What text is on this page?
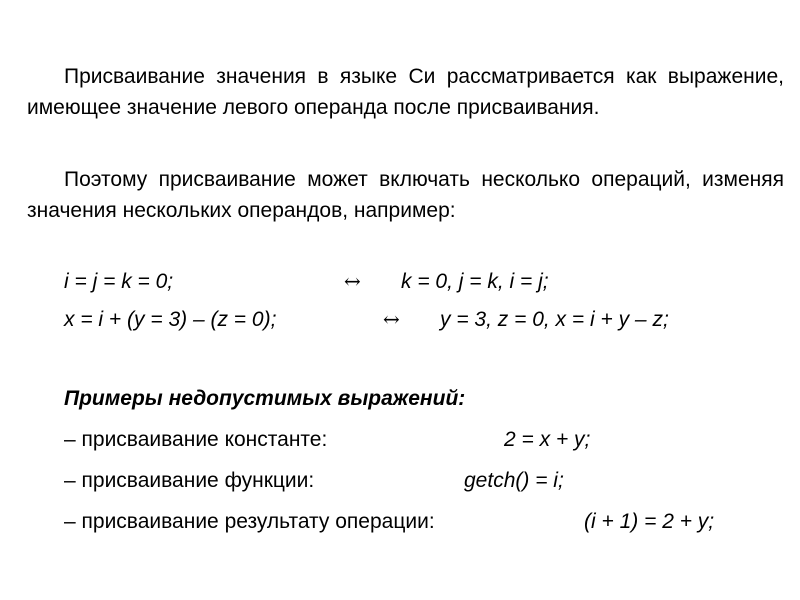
Присваивание значения в языке Си рассматривается как выражение, имеющее значение левого операнда после присваивания.

Поэтому присваивание может включать несколько операций, изменяя значения нескольких операндов, например:

i = j = k = 0;	↔ k = 0, j = k, i = j;
x = i + (y = 3) – (z = 0);	↔ y = 3, z = 0, x = i + y – z;
Примеры недопустимых выражений:
– присваивание константе:	2 = x + y;
– присваивание функции:	getch() = i;
– присваивание результату операции:	(i + 1) = 2 + y;
